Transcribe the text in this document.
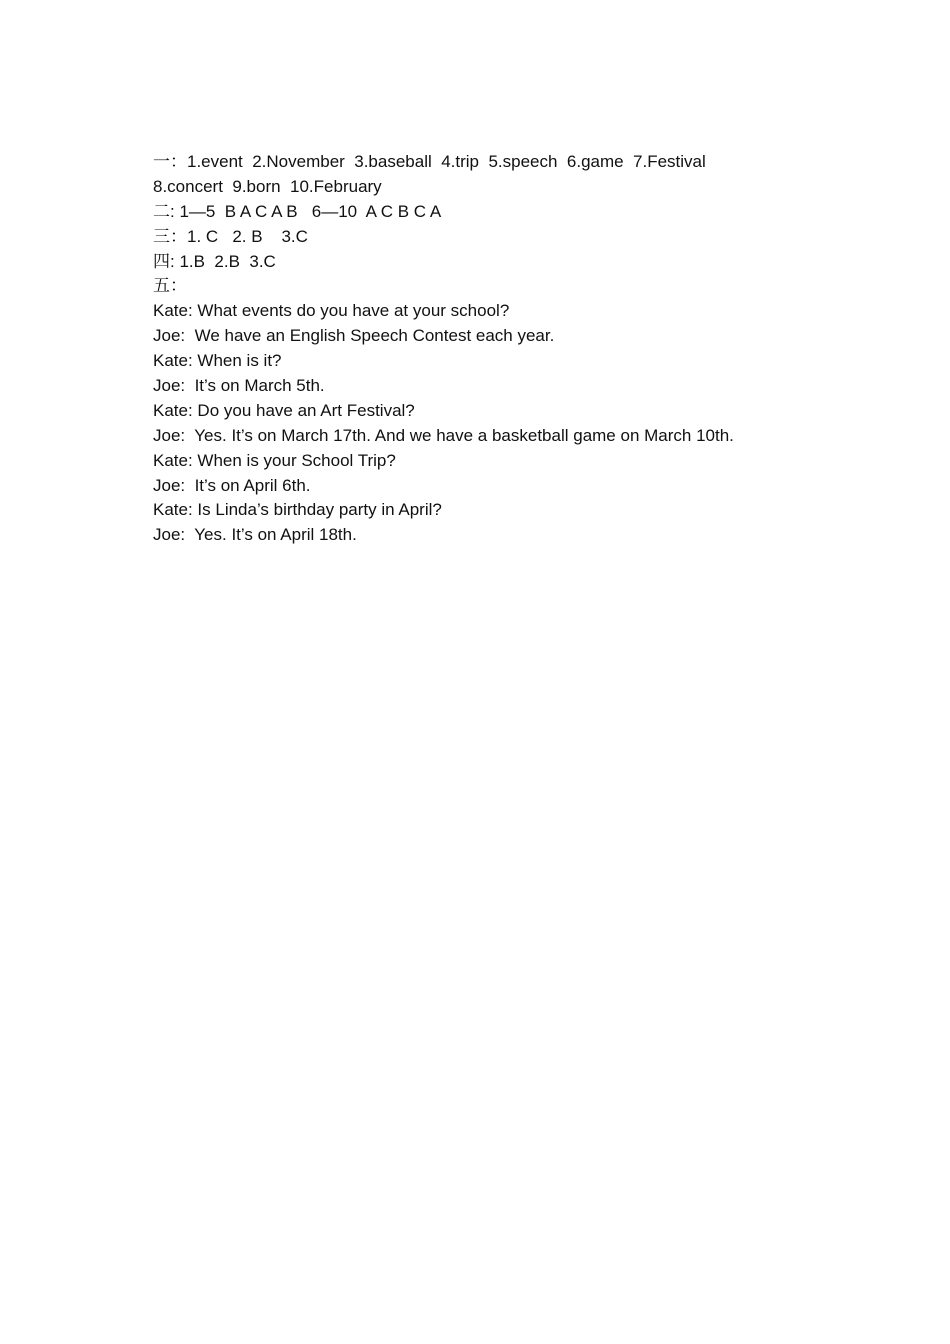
一：1.event  2.November  3.baseball  4.trip  5.speech  6.game  7.Festival
8.concert  9.born  10.February
二: 1—5  B A C A B   6—10  A C B C A
三：1. C   2. B    3.C
四: 1.B  2.B  3.C
五：
Kate: What events do you have at your school?
Joe:  We have an English Speech Contest each year.
Kate: When is it?
Joe:  It’s on March 5th.
Kate: Do you have an Art Festival?
Joe:  Yes. It’s on March 17th. And we have a basketball game on March 10th.
Kate: When is your School Trip?
Joe:  It’s on April 6th.
Kate: Is Linda’s birthday party in April?
Joe:  Yes. It’s on April 18th.
